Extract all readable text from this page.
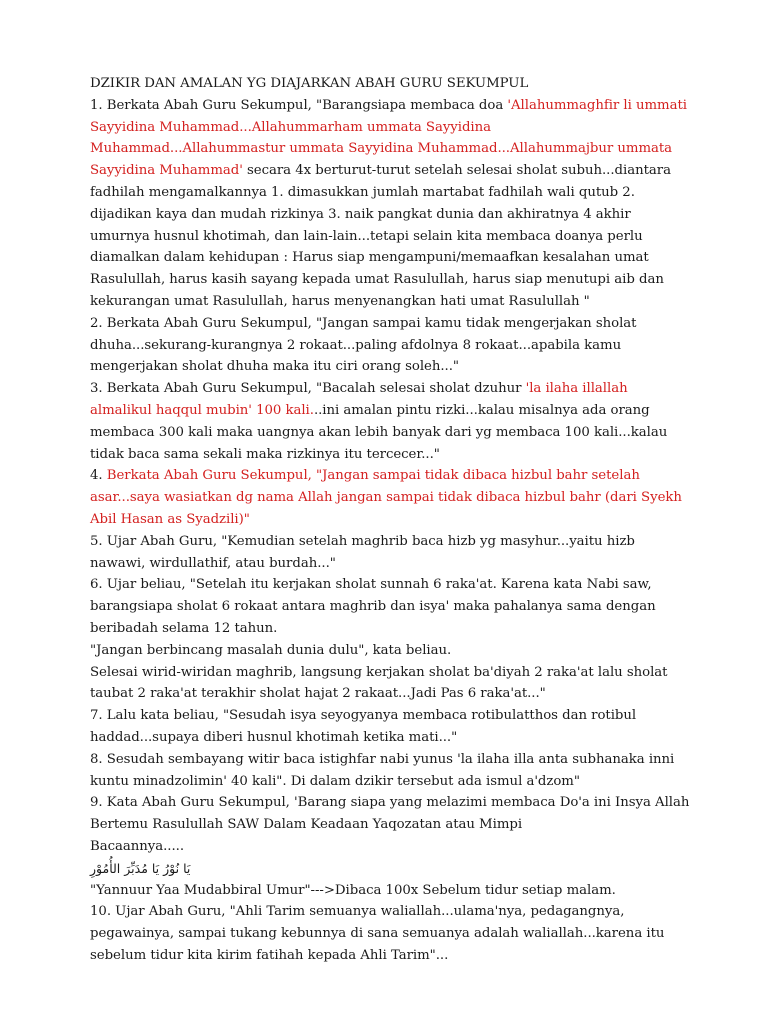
DZIKIR DAN AMALAN YG DIAJARKAN ABAH GURU SEKUMPUL
1. Berkata Abah Guru Sekumpul, "Barangsiapa membaca doa 'Allahummaghfir li ummati Sayyidina Muhammad...Allahummarham ummata Sayyidina Muhammad...Allahummastur ummata Sayyidina Muhammad...Allahummajbur ummata Sayyidina Muhammad' secara 4x berturut-turut setelah selesai sholat subuh...diantara fadhilah mengamalkannya 1. dimasukkan jumlah martabat fadhilah wali qutub 2. dijadikan kaya dan mudah rizkinya 3. naik pangkat dunia dan akhiratnya 4 akhir umurnya husnul khotimah, dan lain-lain...tetapi selain kita membaca doanya perlu diamalkan dalam kehidupan : Harus siap mengampuni/memaafkan kesalahan umat Rasulullah, harus kasih sayang kepada umat Rasulullah, harus siap menutupi aib dan kekurangan umat Rasulullah, harus menyenangkan hati umat Rasulullah "
2. Berkata Abah Guru Sekumpul, "Jangan sampai kamu tidak mengerjakan sholat dhuha...sekurang-kurangnya 2 rokaat...paling afdolnya 8 rokaat...apabila kamu mengerjakan sholat dhuha maka itu ciri orang soleh..."
3. Berkata Abah Guru Sekumpul, "Bacalah selesai sholat dzuhur 'la ilaha illallah almalikul haqqul mubin' 100 kali...ini amalan pintu rizki...kalau misalnya ada orang membaca 300 kali maka uangnya akan lebih banyak dari yg membaca 100 kali...kalau tidak baca sama sekali maka rizkinya itu tercecer..."
4. Berkata Abah Guru Sekumpul, "Jangan sampai tidak dibaca hizbul bahr setelah asar...saya wasiatkan dg nama Allah jangan sampai tidak dibaca hizbul bahr (dari Syekh Abil Hasan as Syadzili)"
5. Ujar Abah Guru, "Kemudian setelah maghrib baca hizb yg masyhur...yaitu hizb nawawi, wirdullathif, atau burdah..."
6. Ujar beliau, "Setelah itu kerjakan sholat sunnah 6 raka'at. Karena kata Nabi saw, barangsiapa sholat 6 rokaat antara maghrib dan isya' maka pahalanya sama dengan beribadah selama 12 tahun.
"Jangan berbincang masalah dunia dulu", kata beliau.
Selesai wirid-wiridan maghrib, langsung kerjakan sholat ba'diyah 2 raka'at lalu sholat taubat 2 raka'at terakhir sholat hajat 2 rakaat...Jadi Pas 6 raka'at..."
7. Lalu kata beliau, "Sesudah isya seyogyanya membaca rotibulatthos dan rotibul haddad...supaya diberi husnul khotimah ketika mati..."
8. Sesudah sembayang witir baca istighfar nabi yunus 'la ilaha illa anta subhanaka inni kuntu minadzolimin' 40 kali". Di dalam dzikir tersebut ada ismul a'dzom"
9. Kata Abah Guru Sekumpul, 'Barang siapa yang melazimi membaca Do'a ini Insya Allah Bertemu Rasulullah SAW Dalam Keadaan Yaqozatan atau Mimpi
Bacaannya.....
يَا نُوْرُ يَا مُدَبِّرَ الأُمُوْرِ
"Yannuur Yaa Mudabbiral Umur"--->Dibaca 100x Sebelum tidur setiap malam.
10. Ujar Abah Guru, "Ahli Tarim semuanya waliallah...ulama'nya, pedagangnya, pegawainya, sampai tukang kebunnya di sana semuanya adalah waliallah...karena itu sebelum tidur kita kirim fatihah kepada Ahli Tarim"...
